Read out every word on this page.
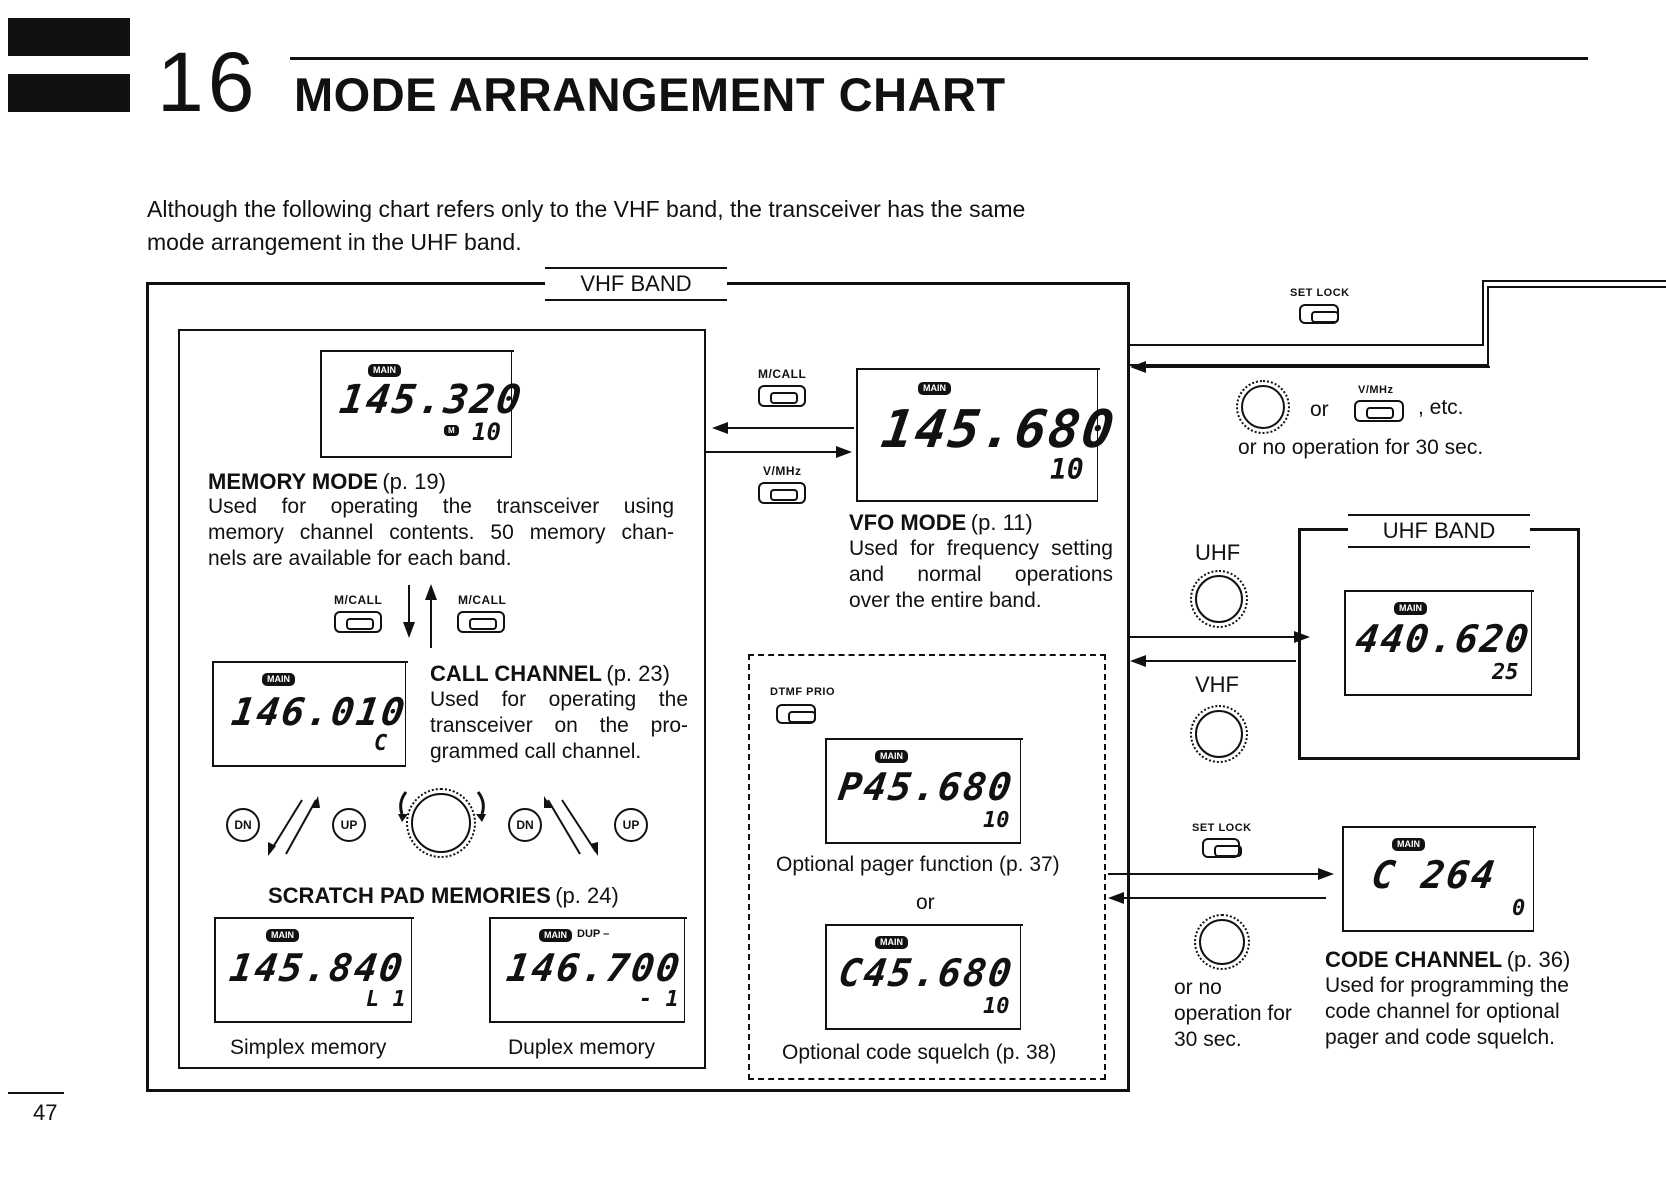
16 MODE ARRANGEMENT CHART
Although the following chart refers only to the VHF band, the transceiver has the same mode arrangement in the UHF band.
VHF BAND
MAIN
145.320
M 10
MEMORY MODE (p. 19)
Used for operating the transceiver using
memory channel contents. 50 memory chan-
nels are available for each band.
M/CALL	M/CALL
MAIN
146.010
C
CALL CHANNEL (p. 23)
Used for operating the
transceiver on the pro-
grammed call channel.
DN	UP	DN	UP
SCRATCH PAD MEMORIES (p. 24)
MAIN
145.840
L 1
Simplex memory
MAIN DUP –
146.700
- 1
Duplex memory
M/CALL
V/MHz
MAIN
145.680
10
VFO MODE (p. 11)
Used for frequency setting
and normal operations
over the entire band.
DTMF PRIO
MAIN
P45.680
10
Optional pager function (p. 37)
or
MAIN
C45.680
10
Optional code squelch (p. 38)
SET LOCK
or
V/MHz
, etc.
or no operation for 30 sec.
UHF
VHF
UHF BAND
MAIN
440.620
25
SET LOCK
or no
operation for
30 sec.
MAIN
C 264
0
CODE CHANNEL (p. 36)
Used for programming the
code channel for optional
pager and code squelch.
47
